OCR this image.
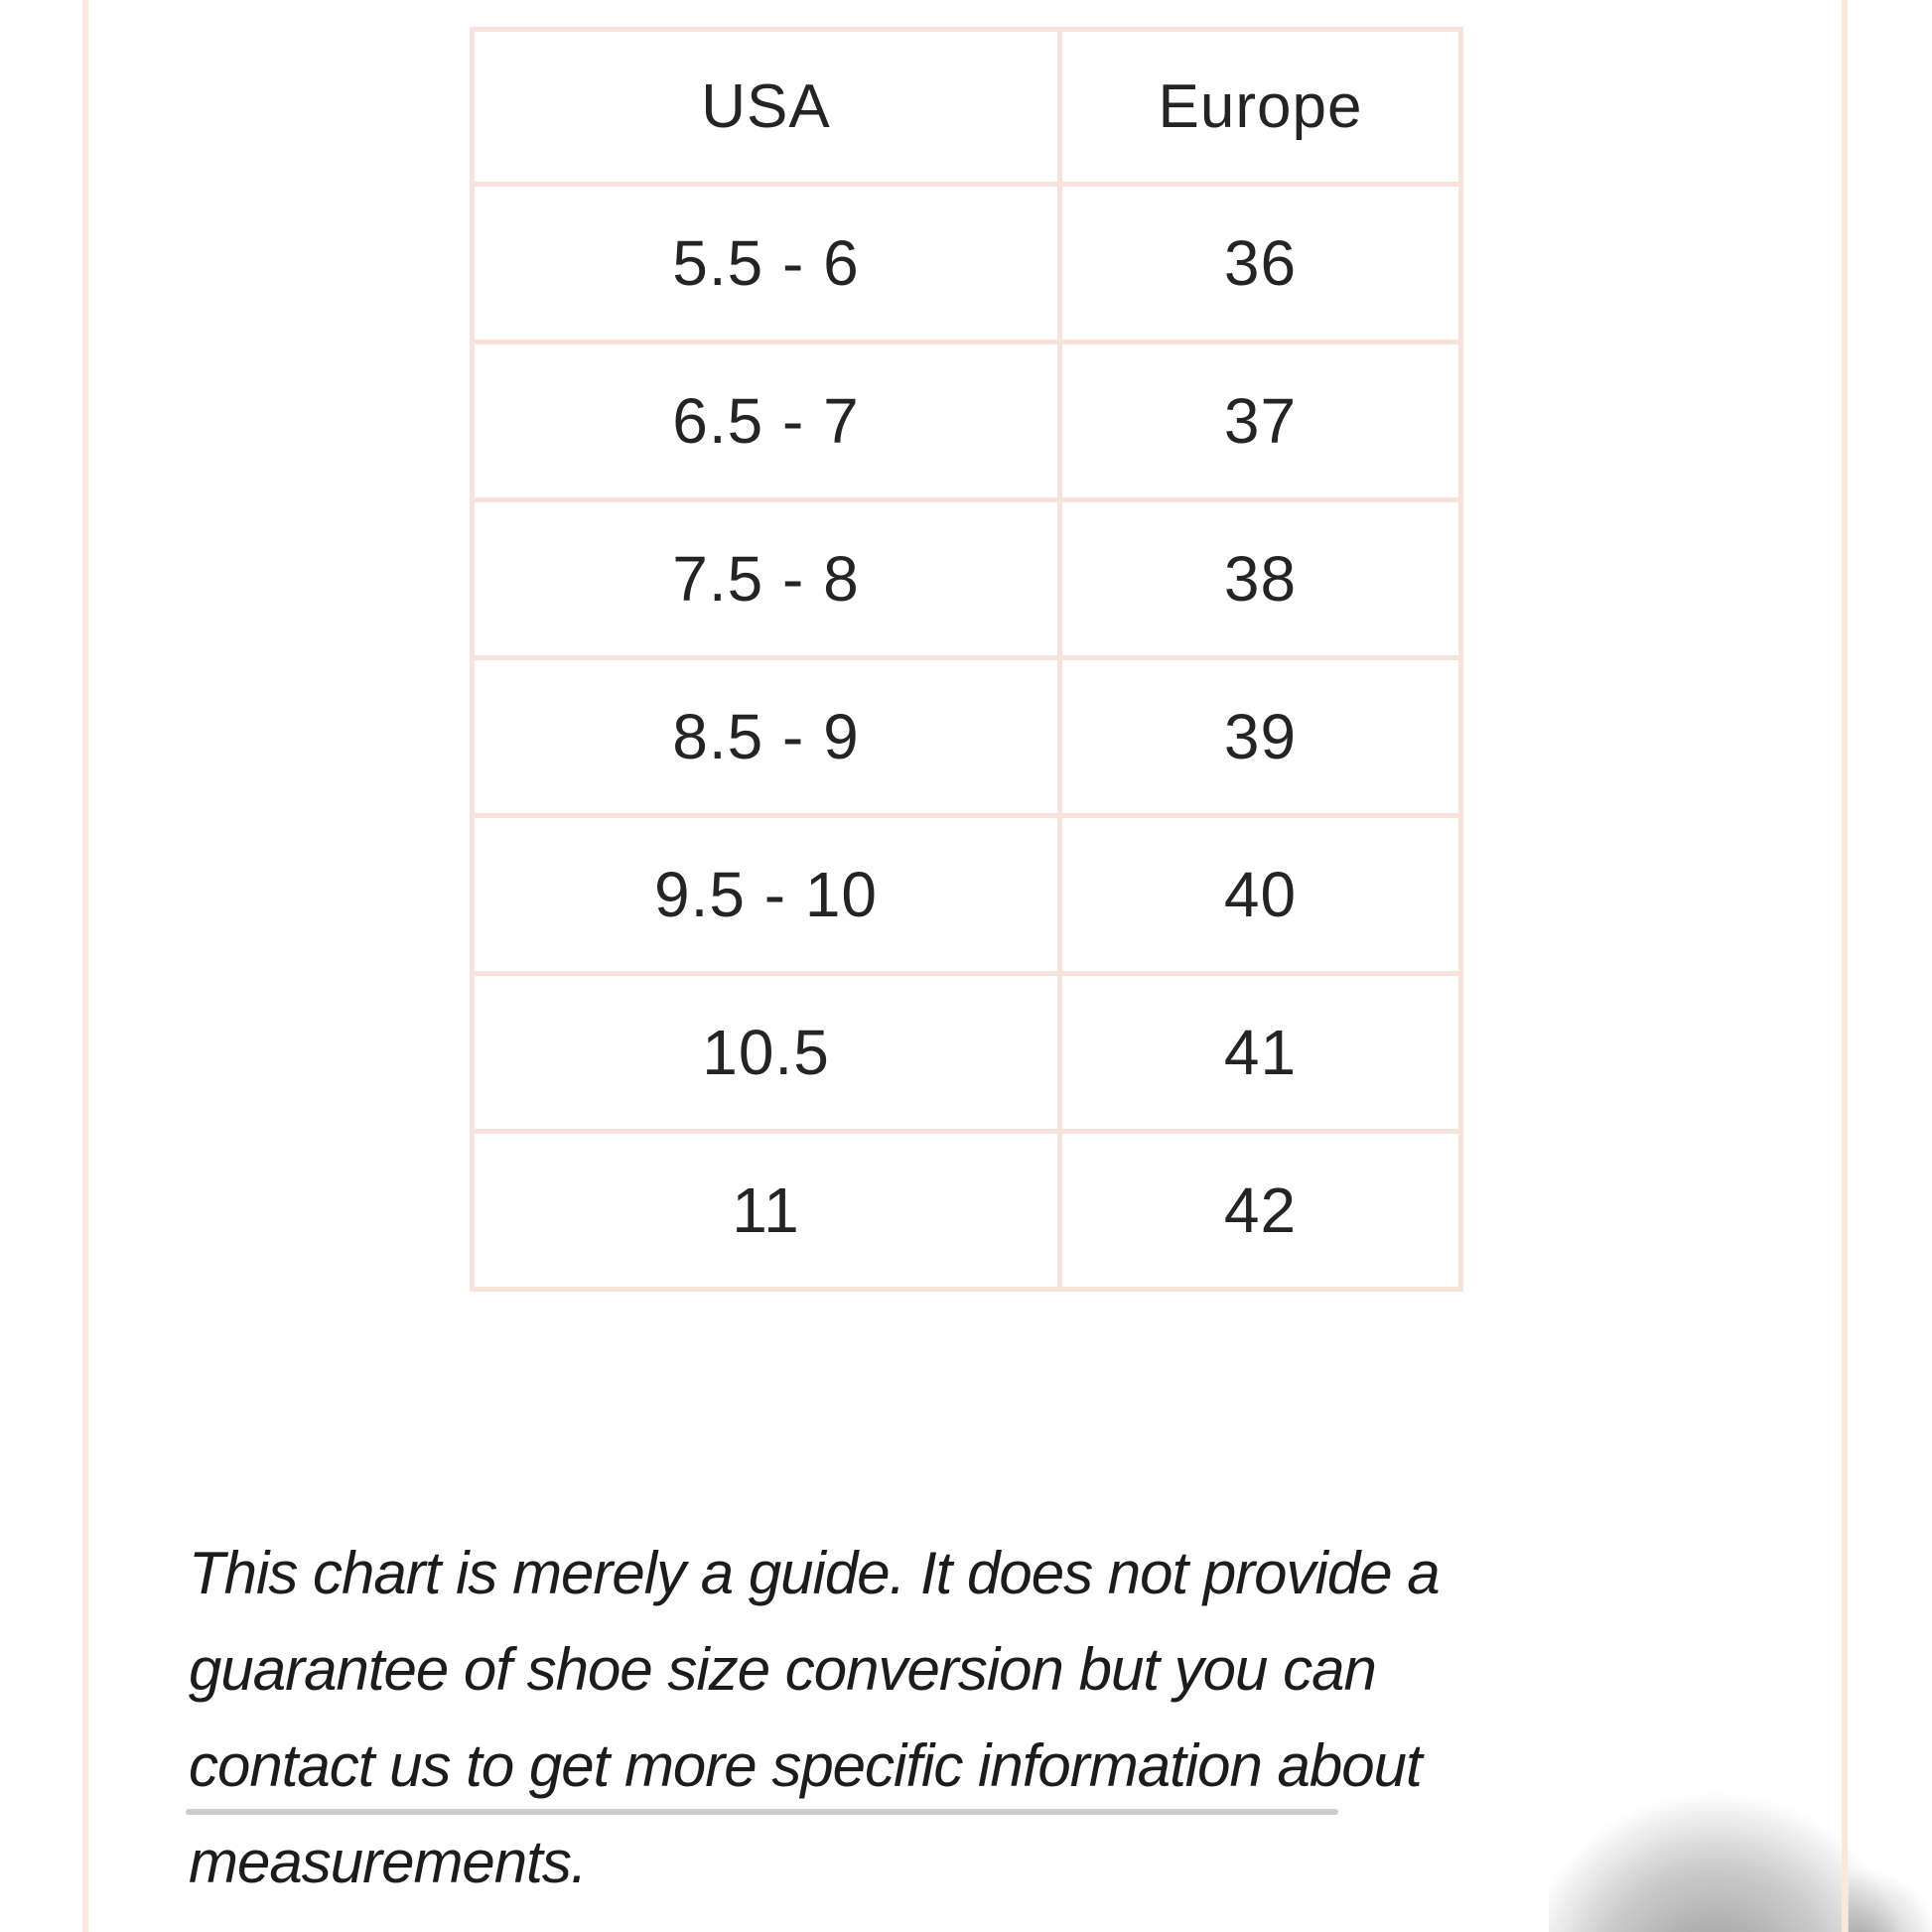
USA	Europe
5.5 - 6	36
6.5 - 7	37
7.5 - 8	38
8.5 - 9	39
9.5 - 10	40
10.5	41
11	42
This chart is merely a guide. It does not provide a
guarantee of shoe size conversion but you can
contact us to get more specific information about
measurements.
